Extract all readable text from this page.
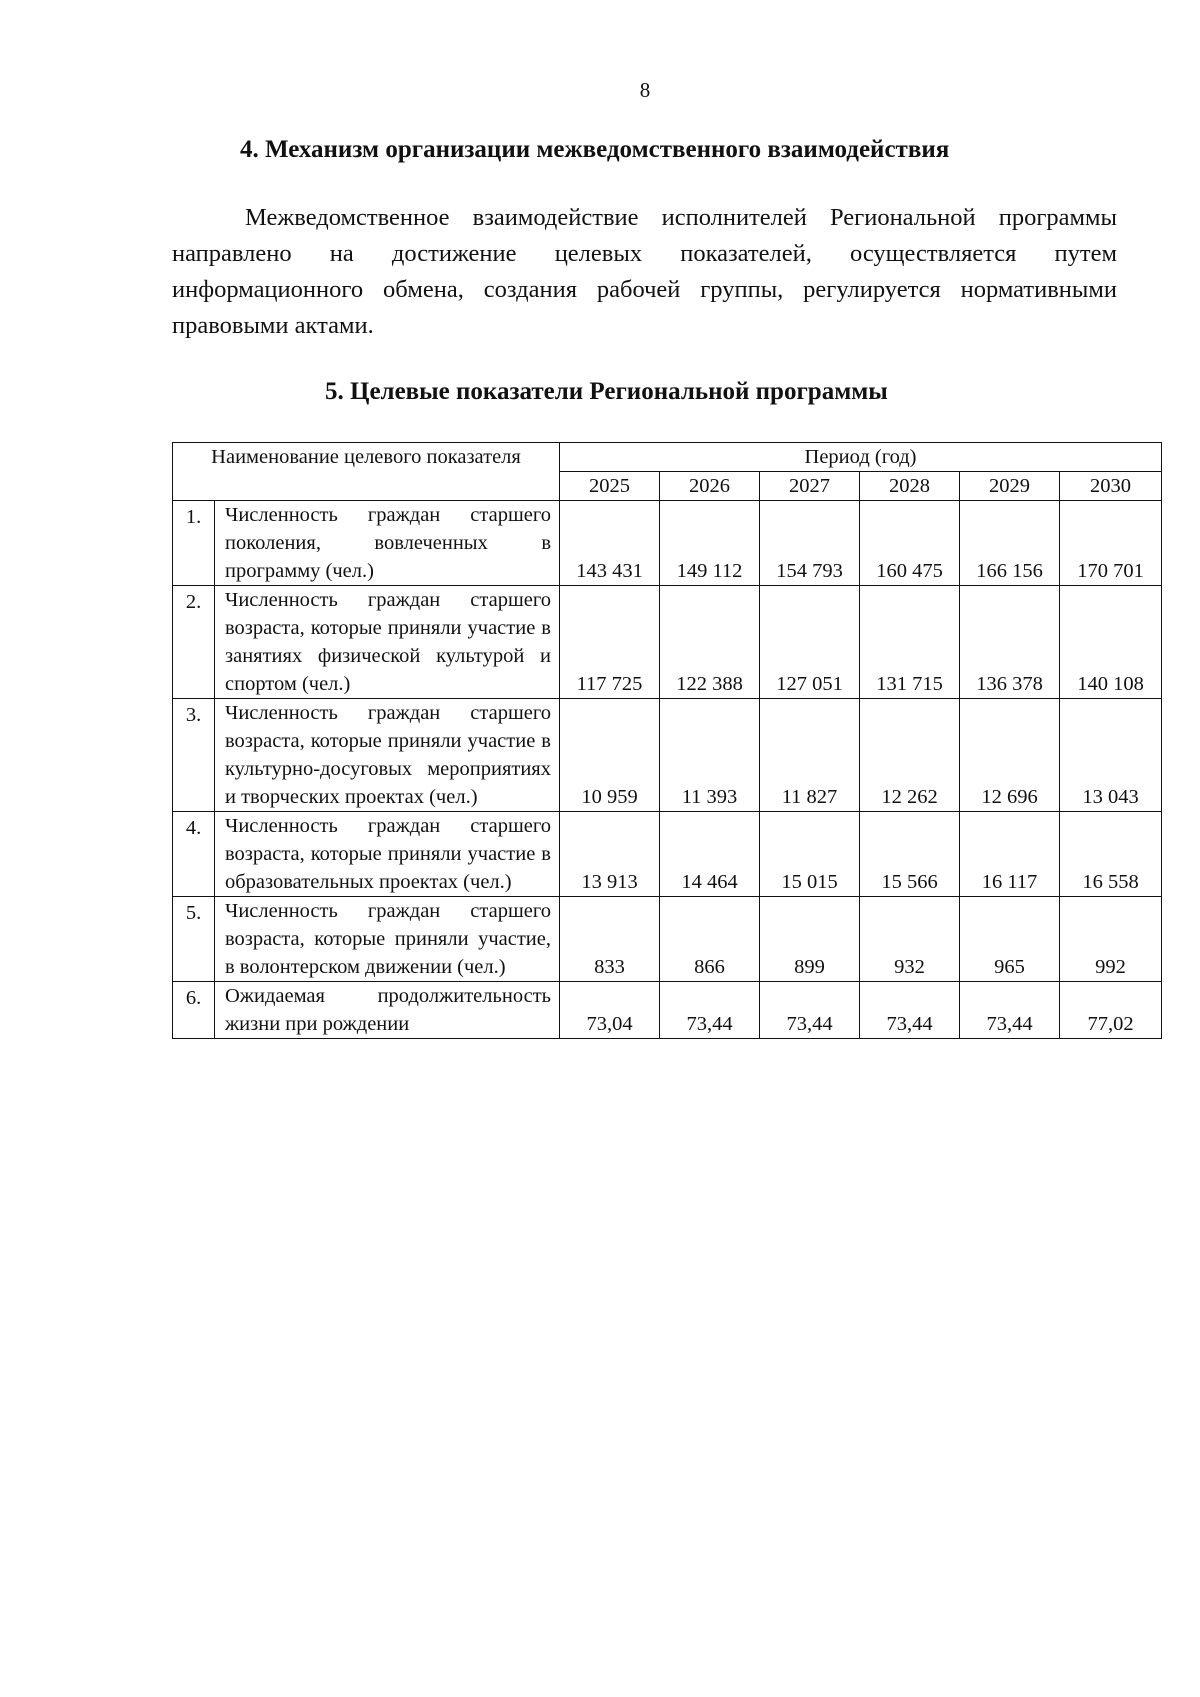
8
4. Механизм организации межведомственного взаимодействия

Межведомственное взаимодействие исполнителей Региональной программы направлено на достижение целевых показателей, осуществляется путем информационного обмена, создания рабочей группы, регулируется нормативными правовыми актами.

5. Целевые показатели Региональной программы
Наименование целевого показателя		Период (год)					
		2025	2026	2027	2028	2029	2030
1.	Численность граждан старшего поколения, вовлеченных в программу (чел.)	143 431	149 112	154 793	160 475	166 156	170 701
2.	Численность граждан старшего возраста, которые приняли участие в занятиях физической культурой и спортом (чел.)	117 725	122 388	127 051	131 715	136 378	140 108
3.	Численность граждан старшего возраста, которые приняли участие в культурно-досуговых мероприятиях и творческих проектах (чел.)	10 959	11 393	11 827	12 262	12 696	13 043
4.	Численность граждан старшего возраста, которые приняли участие в образовательных проектах (чел.)	13 913	14 464	15 015	15 566	16 117	16 558
5.	Численность граждан старшего возраста, которые приняли участие, в волонтерском движении (чел.)	833	866	899	932	965	992
6.	Ожидаемая продолжительность жизни при рождении	73,04	73,44	73,44	73,44	73,44	77,02
